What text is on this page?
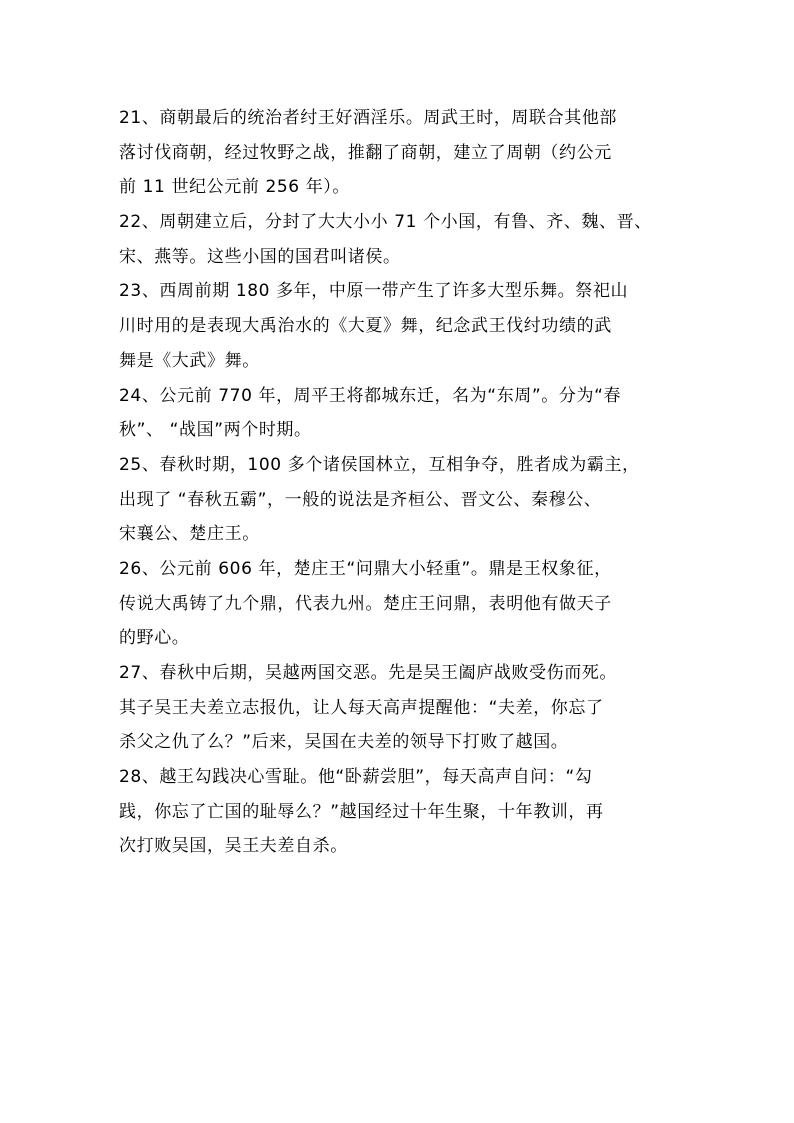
21、商朝最后的统治者纣王好酒淫乐。周武王时，周联合其他部
落讨伐商朝，经过牧野之战，推翻了商朝，建立了周朝（约公元
前 11 世纪公元前 256 年）。
22、周朝建立后，分封了大大小小 71 个小国，有鲁、齐、魏、晋、
宋、燕等。这些小国的国君叫诸侯。
23、西周前期 180 多年，中原一带产生了许多大型乐舞。祭祀山
川时用的是表现大禹治水的《大夏》舞，纪念武王伐纣功绩的武
舞是《大武》舞。
24、公元前 770 年，周平王将都城东迁，名为“东周”。分为“春
秋”、 “战国”两个时期。
25、春秋时期，100 多个诸侯国林立，互相争夺，胜者成为霸主，
出现了 “春秋五霸”，一般的说法是齐桓公、晋文公、秦穆公、
宋襄公、楚庄王。
26、公元前 606 年，楚庄王“问鼎大小轻重”。鼎是王权象征，
传说大禹铸了九个鼎，代表九州。楚庄王问鼎，表明他有做天子
的野心。
27、春秋中后期，吴越两国交恶。先是吴王阖庐战败受伤而死。
其子吴王夫差立志报仇，让人每天高声提醒他：“夫差，你忘了
杀父之仇了么？”后来，吴国在夫差的领导下打败了越国。
28、越王勾践决心雪耻。他“卧薪尝胆”，每天高声自问：“勾
践，你忘了亡国的耻辱么？”越国经过十年生聚，十年教训，再
次打败吴国，吴王夫差自杀。
